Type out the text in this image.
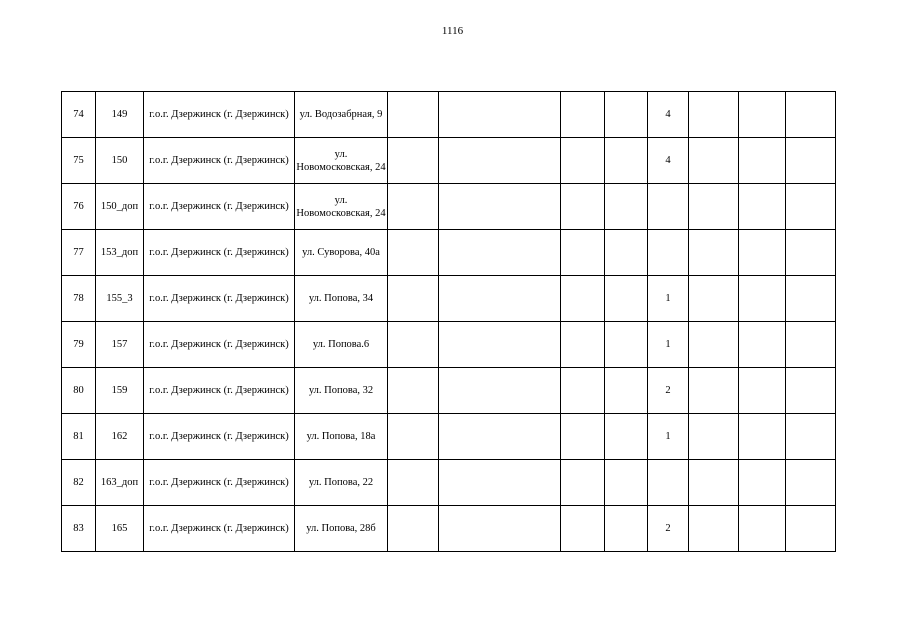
1116
74	149	г.о.г. Дзержинск (г. Дзержинск)	ул. Водозабрная, 9					4			
75	150	г.о.г. Дзержинск (г. Дзержинск)	ул. Новомосковская, 24					4			
76	150_доп	г.о.г. Дзержинск (г. Дзержинск)	ул. Новомосковская, 24								
77	153_доп	г.о.г. Дзержинск (г. Дзержинск)	ул. Суворова, 40а								
78	155_3	г.о.г. Дзержинск (г. Дзержинск)	ул. Попова, 34					1			
79	157	г.о.г. Дзержинск (г. Дзержинск)	ул. Попова.6					1			
80	159	г.о.г. Дзержинск (г. Дзержинск)	ул. Попова, 32					2			
81	162	г.о.г. Дзержинск (г. Дзержинск)	ул. Попова, 18а					1			
82	163_доп	г.о.г. Дзержинск (г. Дзержинск)	ул. Попова, 22								
83	165	г.о.г. Дзержинск (г. Дзержинск)	ул. Попова, 28б					2			
